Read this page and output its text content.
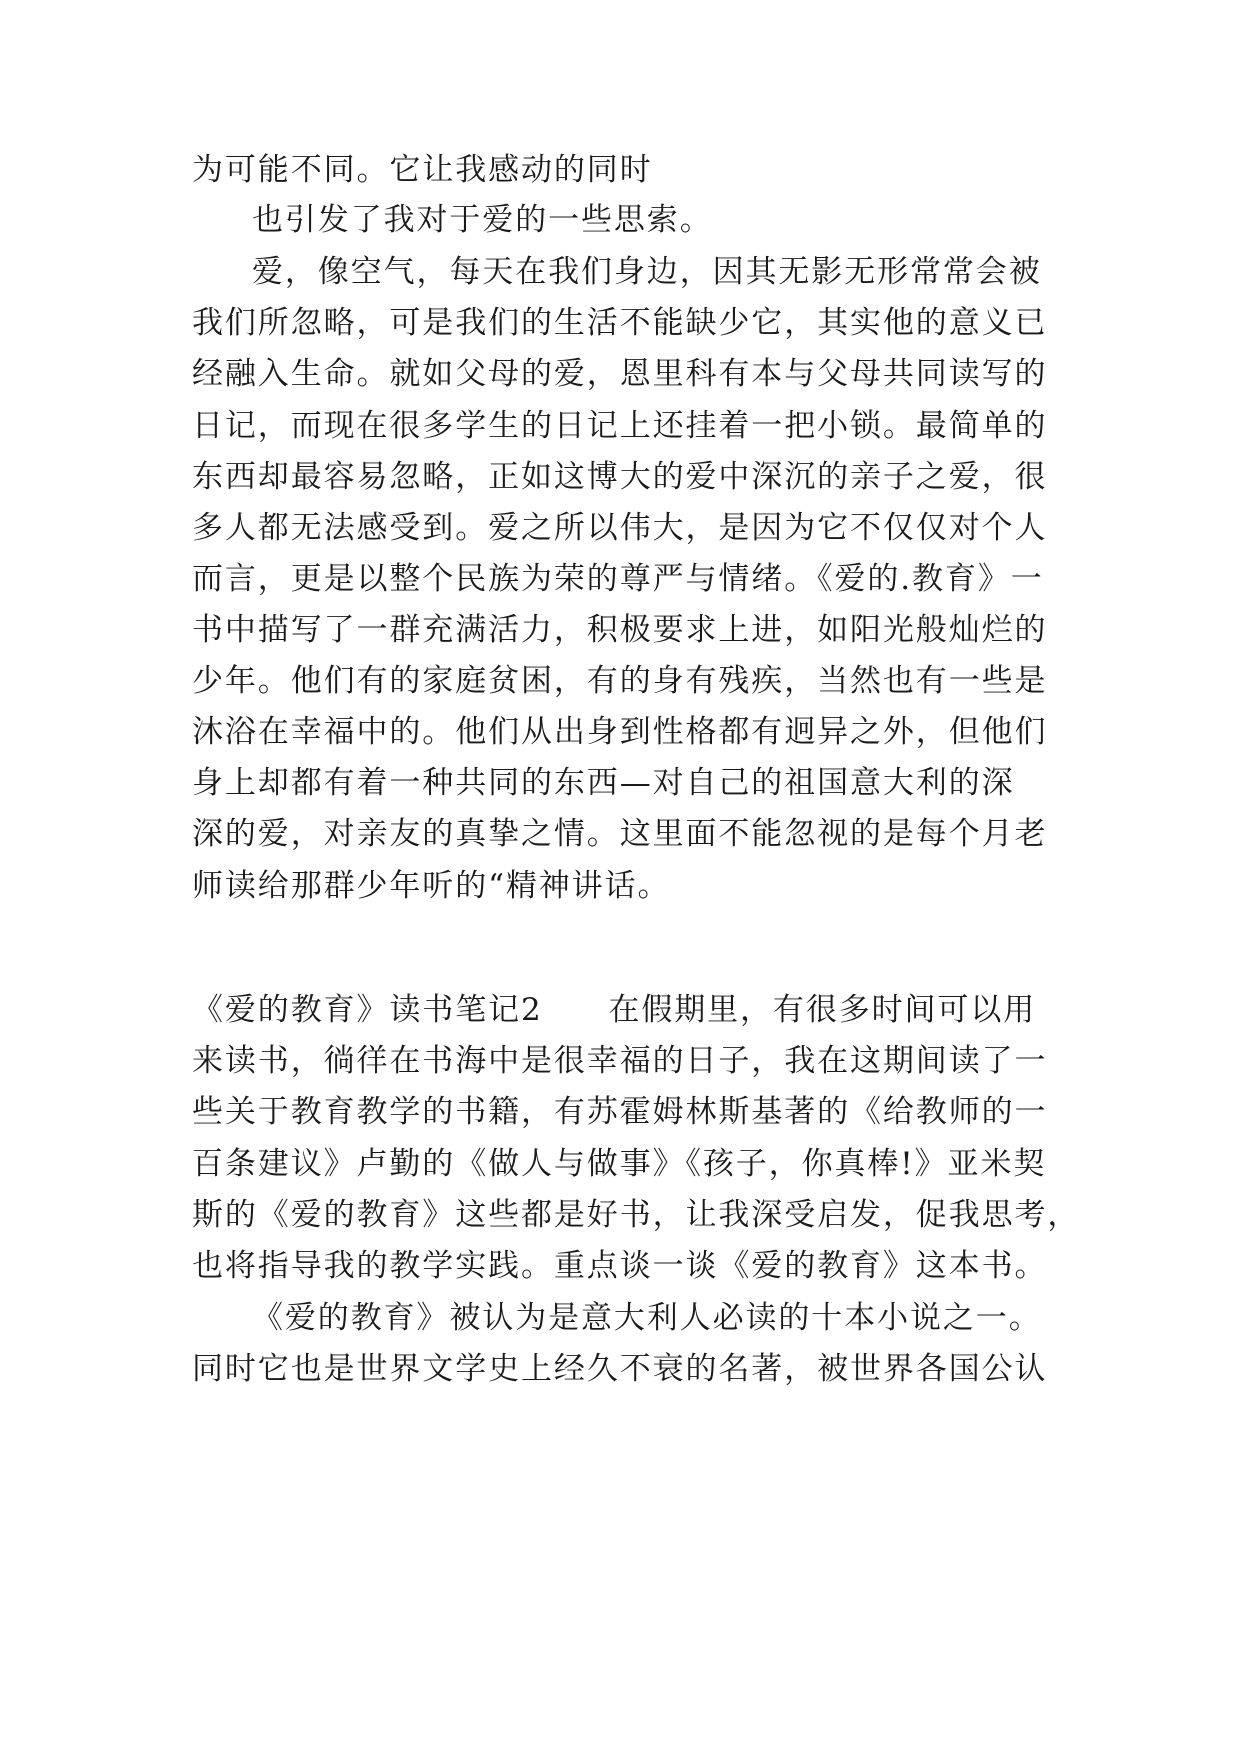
为可能不同。它让我感动的同时
也引发了我对于爱的一些思索。
爱，像空气，每天在我们身边，因其无影无形常常会被
我们所忽略，可是我们的生活不能缺少它，其实他的意义已
经融入生命。就如父母的爱，恩里科有本与父母共同读写的
日记，而现在很多学生的日记上还挂着一把小锁。最简单的
东西却最容易忽略，正如这博大的爱中深沉的亲子之爱，很
多人都无法感受到。爱之所以伟大，是因为它不仅仅对个人
而言，更是以整个民族为荣的尊严与情绪。《爱的.教育》一
书中描写了一群充满活力，积极要求上进，如阳光般灿烂的
少年。他们有的家庭贫困，有的身有残疾，当然也有一些是
沐浴在幸福中的。他们从出身到性格都有迥异之外，但他们
身上却都有着一种共同的东西—对自己的祖国意大利的深
深的爱，对亲友的真挚之情。这里面不能忽视的是每个月老
师读给那群少年听的“精神讲话。
《爱的教育》读书笔记2　　在假期里，有很多时间可以用
来读书，徜徉在书海中是很幸福的日子，我在这期间读了一
些关于教育教学的书籍，有苏霍姆林斯基著的《给教师的一
百条建议》卢勤的《做人与做事》《孩子，你真棒!》亚米契
斯的《爱的教育》这些都是好书，让我深受启发，促我思考，
也将指导我的教学实践。重点谈一谈《爱的教育》这本书。
《爱的教育》被认为是意大利人必读的十本小说之一。
同时它也是世界文学史上经久不衰的名著，被世界各国公认
